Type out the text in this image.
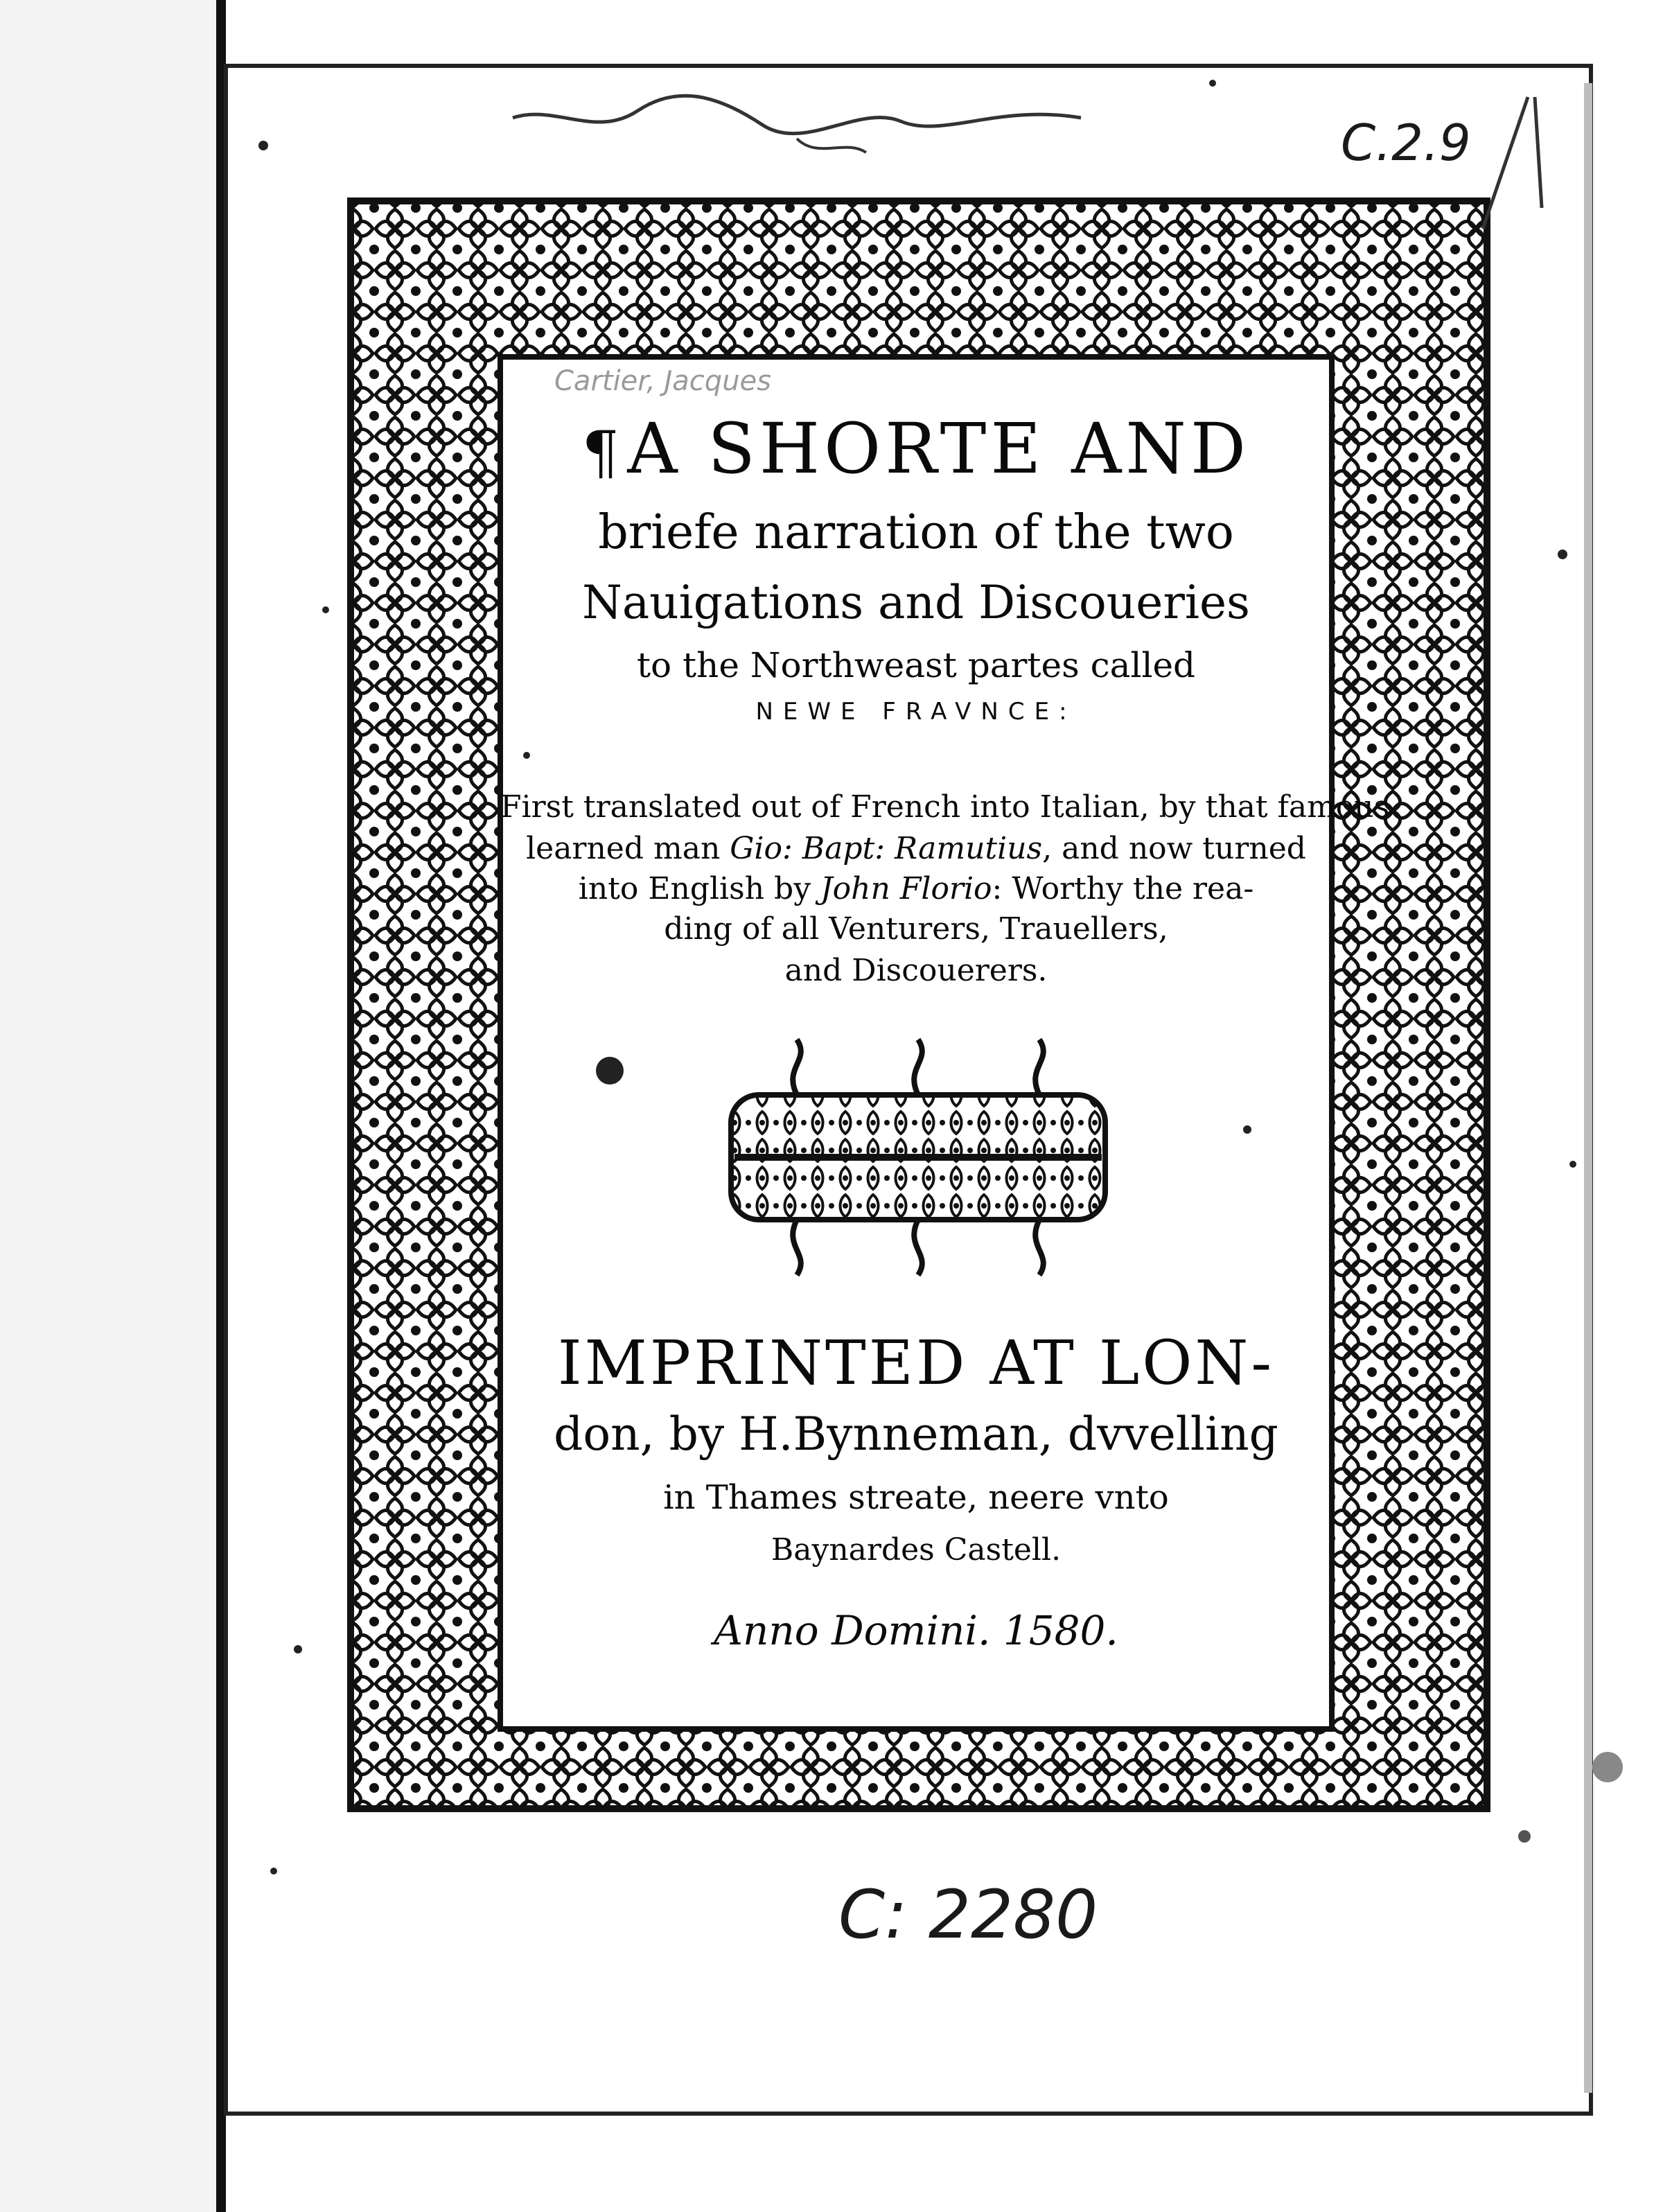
¶A SHORTE AND

briefe narration of the two

Nauigations and Discoueries

to the Northweast partes called

NEWE FRAVNCE:

First translated out of French into Italian, by that famous

learned man Gio: Bapt: Ramutius, and now turned

into English by John Florio: Worthy the rea-

ding of all Venturers, Trauellers,

and Discouerers.

IMPRINTED AT LON-

don, by H.Bynneman, dvvelling

in Thames streate, neere vnto

Baynardes Castell.

Anno Domini. 1580.

C: 2280

C.2.9

Cartier, Jacques
